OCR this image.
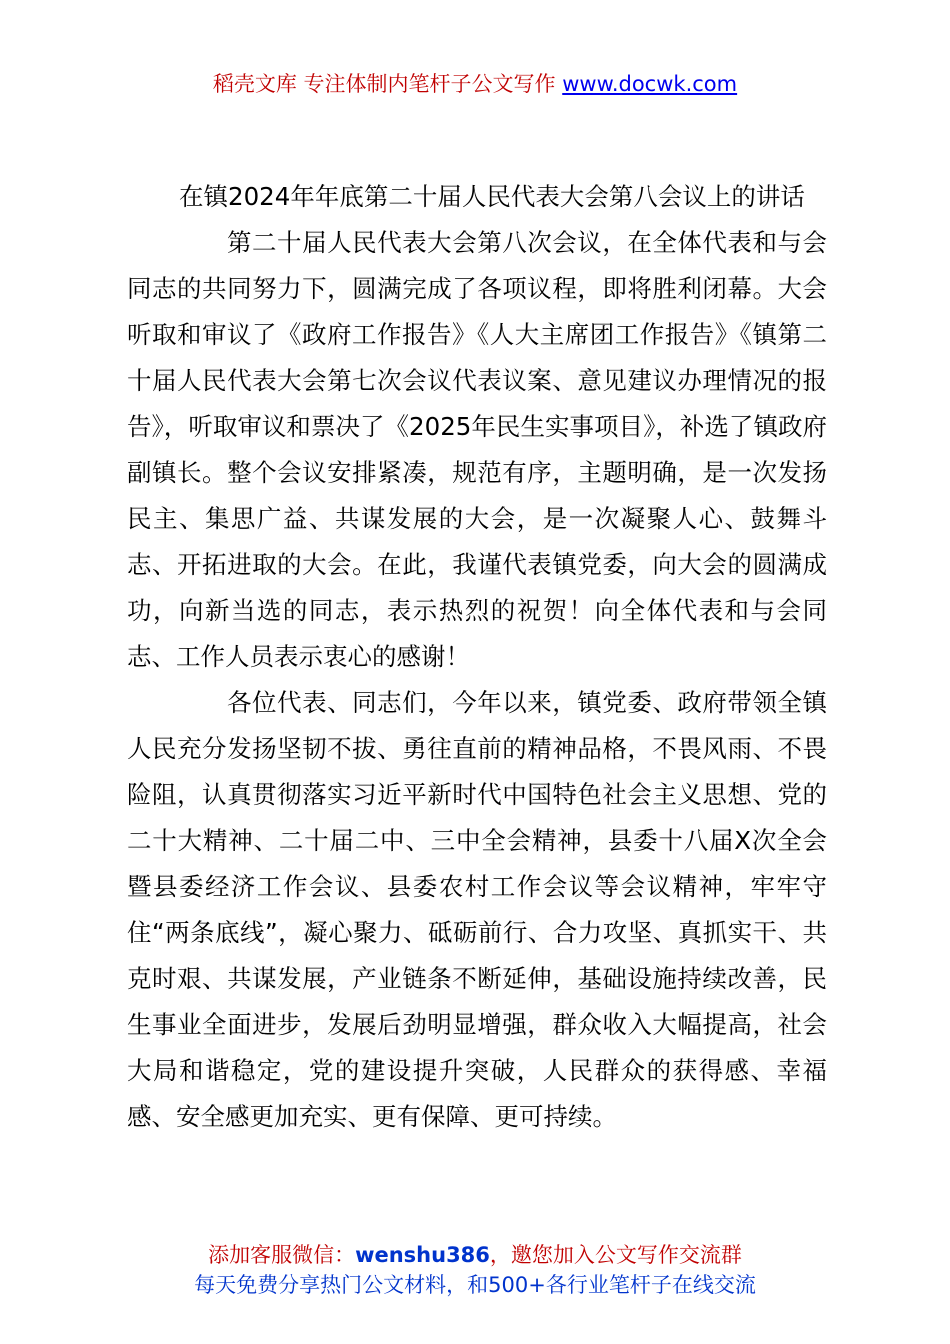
稻壳文库 专注体制内笔杆子公文写作 www.docwk.com

在镇2024年年底第二十届人民代表大会第八会议上的讲话

第二十届人民代表大会第八次会议，在全体代表和与会同志的共同努力下，圆满完成了各项议程，即将胜利闭幕。大会听取和审议了《政府工作报告》《人大主席团工作报告》《镇第二十届人民代表大会第七次会议代表议案、意见建议办理情况的报告》，听取审议和票决了《2025年民生实事项目》，补选了镇政府副镇长。整个会议安排紧凑，规范有序，主题明确，是一次发扬民主、集思广益、共谋发展的大会，是一次凝聚人心、鼓舞斗志、开拓进取的大会。在此，我谨代表镇党委，向大会的圆满成功，向新当选的同志，表示热烈的祝贺！向全体代表和与会同志、工作人员表示衷心的感谢！

各位代表、同志们，今年以来，镇党委、政府带领全镇人民充分发扬坚韧不拔、勇往直前的精神品格，不畏风雨、不畏险阻，认真贯彻落实习近平新时代中国特色社会主义思想、党的二十大精神、二十届二中、三中全会精神，县委十八届X次全会暨县委经济工作会议、县委农村工作会议等会议精神，牢牢守住“两条底线”，凝心聚力、砥砺前行、合力攻坚、真抓实干、共克时艰、共谋发展，产业链条不断延伸，基础设施持续改善，民生事业全面进步，发展后劲明显增强，群众收入大幅提高，社会大局和谐稳定，党的建设提升突破，人民群众的获得感、幸福感、安全感更加充实、更有保障、更可持续。

添加客服微信：wenshu386，邀您加入公文写作交流群
每天免费分享热门公文材料，和500+各行业笔杆子在线交流
